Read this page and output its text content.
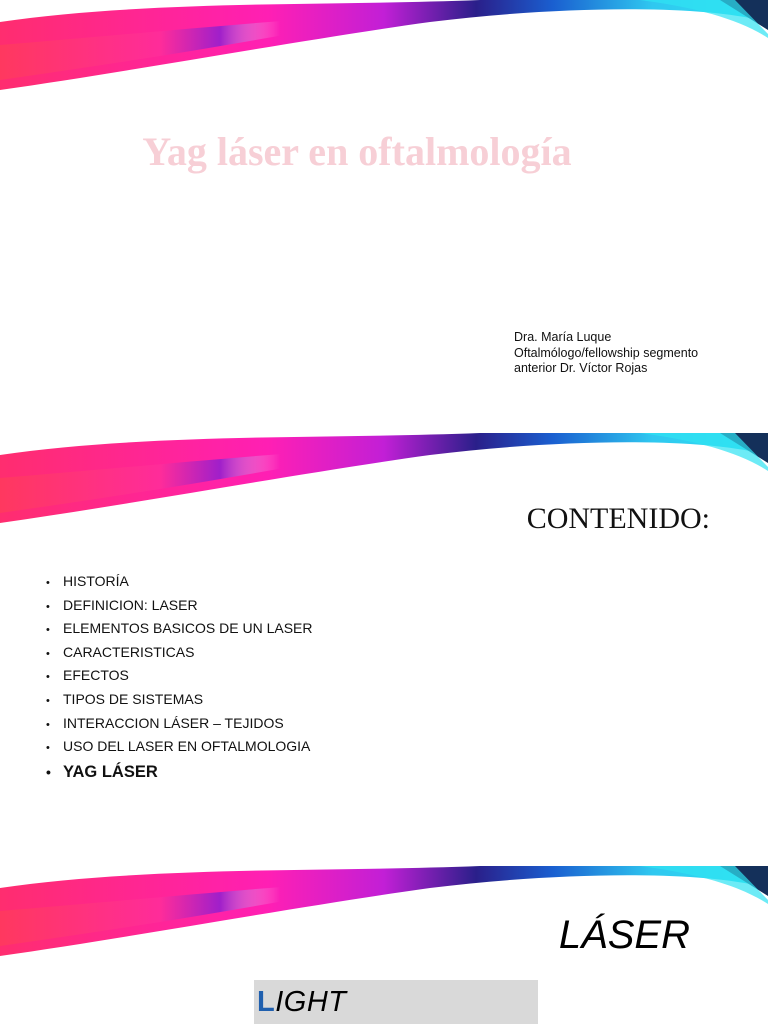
Yag láser en oftalmología
Dra. María Luque
Oftalmólogo/fellowship segmento
anterior Dr. Víctor Rojas
CONTENIDO:
• HISTORÍA
• DEFINICION: LASER
• ELEMENTOS BASICOS DE UN LASER
• CARACTERISTICAS
• EFECTOS
• TIPOS DE SISTEMAS
• INTERACCION LÁSER – TEJIDOS
• USO DEL LASER EN OFTALMOLOGIA
• YAG LÁSER
LÁSER
LIGHT
